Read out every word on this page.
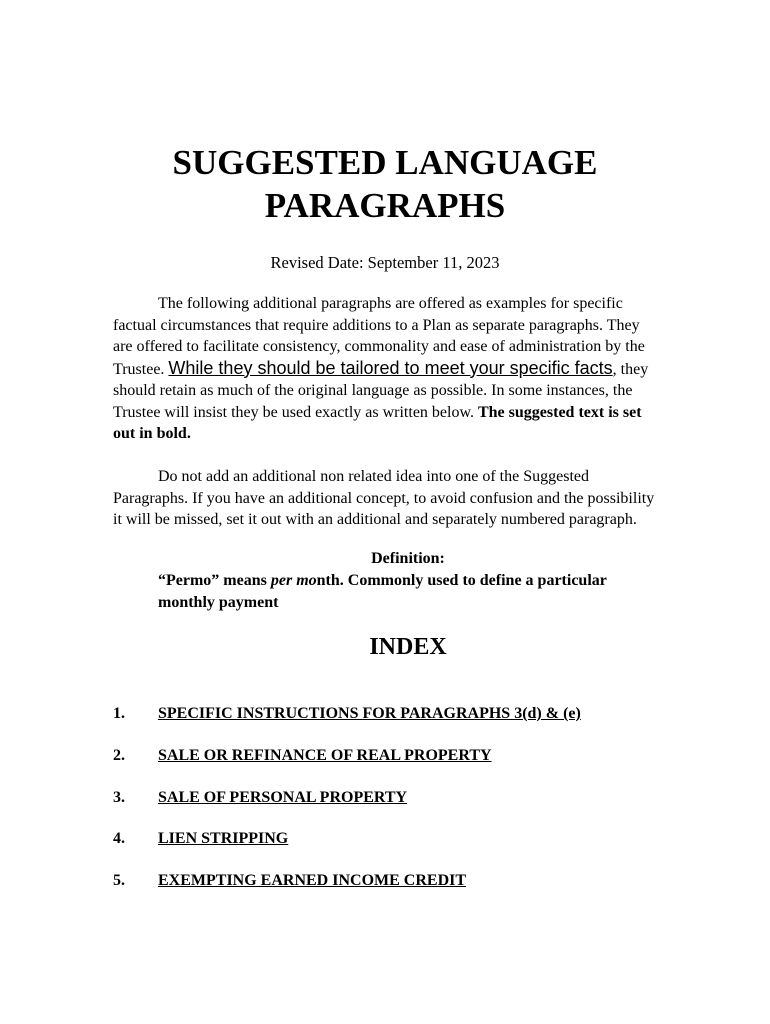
SUGGESTED LANGUAGE
PARAGRAPHS

Revised Date: September 11, 2023

The following additional paragraphs are offered as examples for specific factual circumstances that require additions to a Plan as separate paragraphs. They are offered to facilitate consistency, commonality and ease of administration by the Trustee. While they should be tailored to meet your specific facts, they should retain as much of the original language as possible. In some instances, the Trustee will insist they be used exactly as written below. The suggested text is set out in bold.

Do not add an additional non related idea into one of the Suggested Paragraphs. If you have an additional concept, to avoid confusion and the possibility it will be missed, set it out with an additional and separately numbered paragraph.

Definition:

“Permo” means per month. Commonly used to define a particular monthly payment

INDEX
1. SPECIFIC INSTRUCTIONS FOR PARAGRAPHS 3(d) & (e)
2. SALE OR REFINANCE OF REAL PROPERTY
3. SALE OF PERSONAL PROPERTY
4. LIEN STRIPPING
5. EXEMPTING EARNED INCOME CREDIT
